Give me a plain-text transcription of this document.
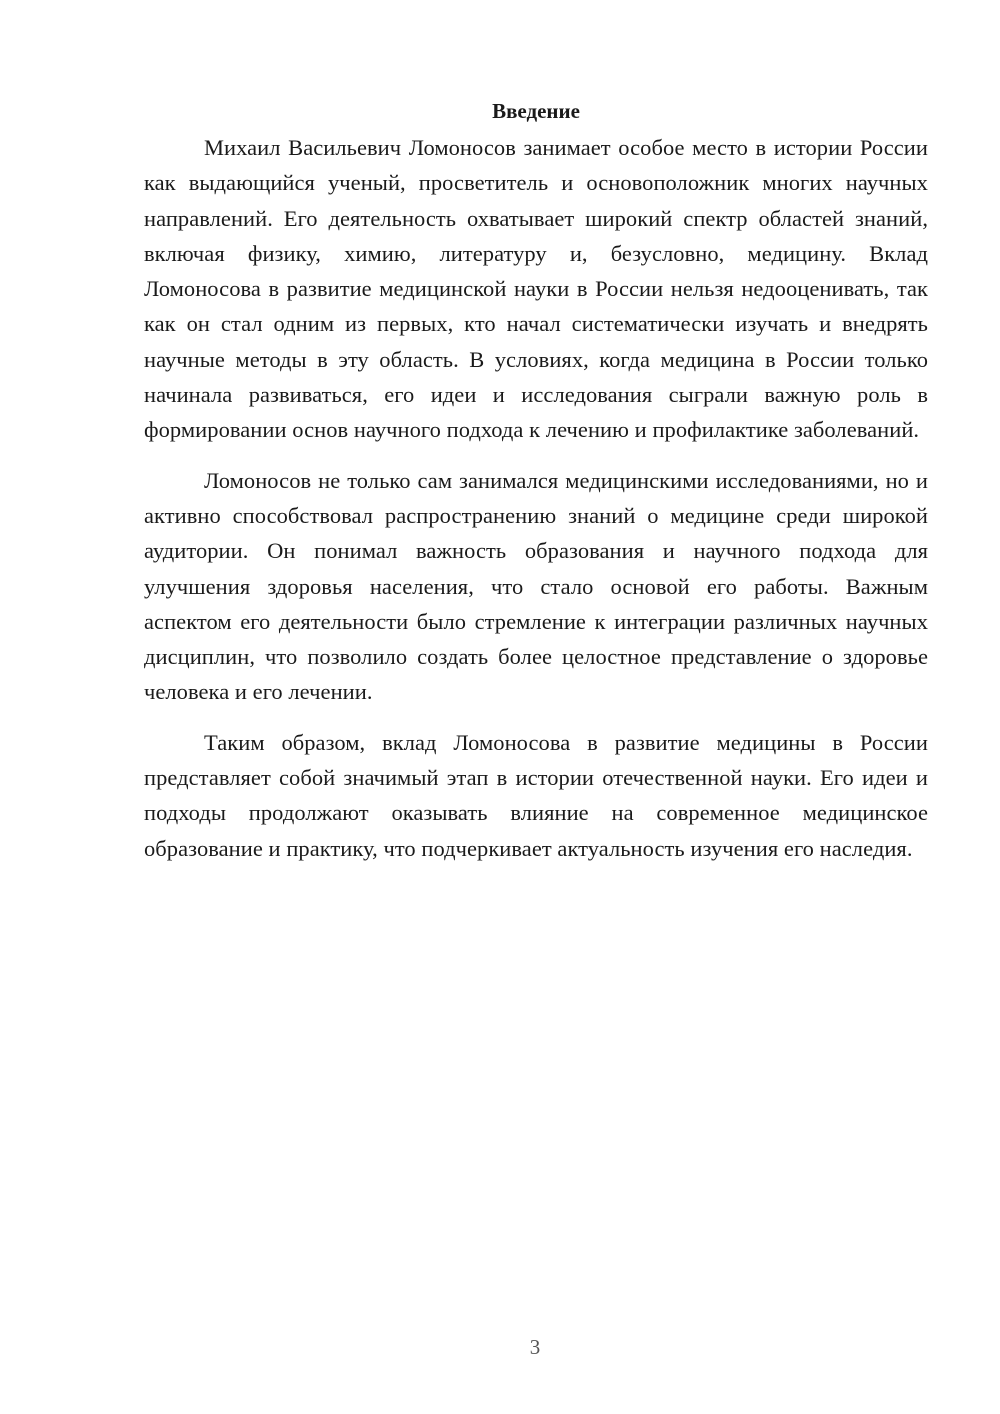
Введение

Михаил Васильевич Ломоносов занимает особое место в истории России как выдающийся ученый, просветитель и основоположник многих научных направлений. Его деятельность охватывает широкий спектр областей знаний, включая физику, химию, литературу и, безусловно, медицину. Вклад Ломоносова в развитие медицинской науки в России нельзя недооценивать, так как он стал одним из первых, кто начал систематически изучать и внедрять научные методы в эту область. В условиях, когда медицина в России только начинала развиваться, его идеи и исследования сыграли важную роль в формировании основ научного подхода к лечению и профилактике заболеваний.

Ломоносов не только сам занимался медицинскими исследованиями, но и активно способствовал распространению знаний о медицине среди широкой аудитории. Он понимал важность образования и научного подхода для улучшения здоровья населения, что стало основой его работы. Важным аспектом его деятельности было стремление к интеграции различных научных дисциплин, что позволило создать более целостное представление о здоровье человека и его лечении.

Таким образом, вклад Ломоносова в развитие медицины в России представляет собой значимый этап в истории отечественной науки. Его идеи и подходы продолжают оказывать влияние на современное медицинское образование и практику, что подчеркивает актуальность изучения его наследия.

3
